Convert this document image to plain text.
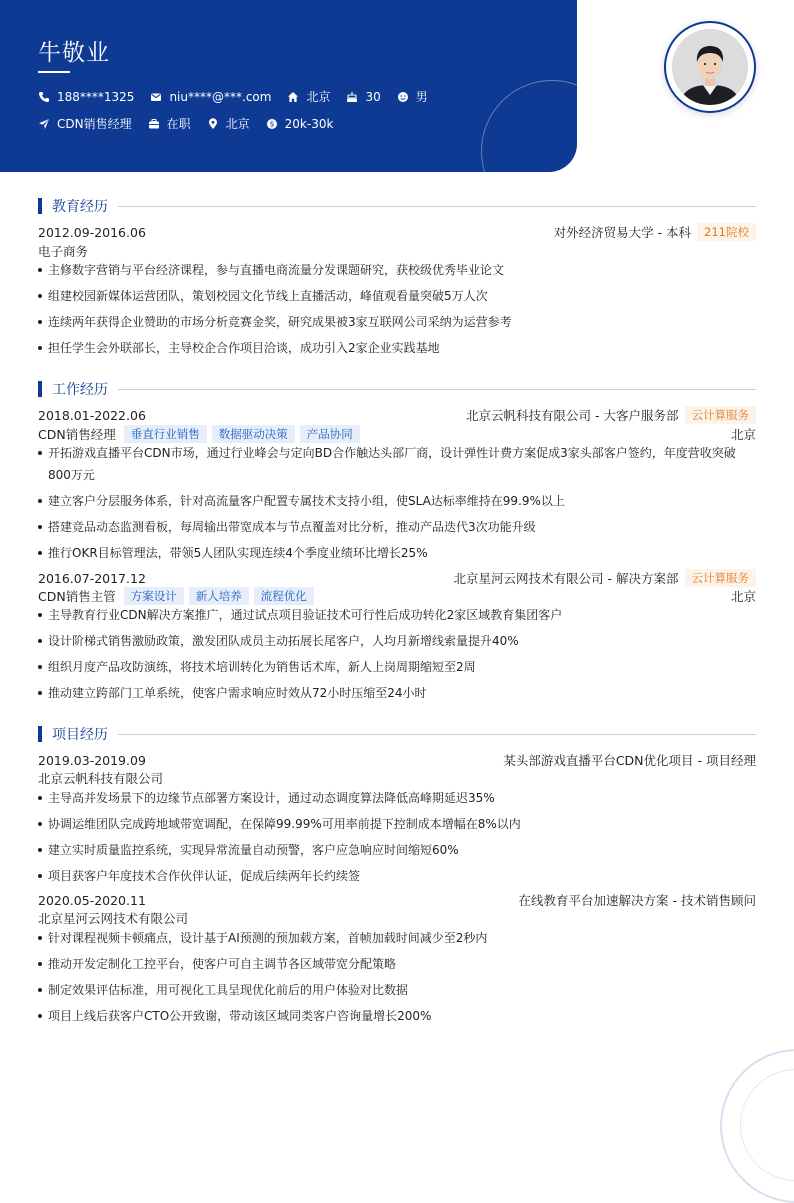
牛敬业
188****1325	niu****@***.com	北京	30	男
CDN销售经理	在职	北京	$ 20k-30k
教育经历
2012.09-2016.06	对外经济贸易大学 - 本科	211院校
电子商务
主修数字营销与平台经济课程，参与直播电商流量分发课题研究，获校级优秀毕业论文
组建校园新媒体运营团队，策划校园文化节线上直播活动，峰值观看量突破5万人次
连续两年获得企业赞助的市场分析竞赛金奖，研究成果被3家互联网公司采纳为运营参考
担任学生会外联部长，主导校企合作项目洽谈，成功引入2家企业实践基地
工作经历
2018.01-2022.06	北京云帆科技有限公司 - 大客户服务部	云计算服务
CDN销售经理	垂直行业销售	数据驱动决策	产品协同	北京
开拓游戏直播平台CDN市场，通过行业峰会与定向BD合作触达头部厂商，设计弹性计费方案促成3家头部客户签约，年度营收突破800万元
建立客户分层服务体系，针对高流量客户配置专属技术支持小组，使SLA达标率维持在99.9%以上
搭建竞品动态监测看板，每周输出带宽成本与节点覆盖对比分析，推动产品迭代3次功能升级
推行OKR目标管理法，带领5人团队实现连续4个季度业绩环比增长25%
2016.07-2017.12	北京星河云网技术有限公司 - 解决方案部	云计算服务
CDN销售主管	方案设计	新人培养	流程优化	北京
主导教育行业CDN解决方案推广，通过试点项目验证技术可行性后成功转化2家区域教育集团客户
设计阶梯式销售激励政策，激发团队成员主动拓展长尾客户，人均月新增线索量提升40%
组织月度产品攻防演练，将技术培训转化为销售话术库，新人上岗周期缩短至2周
推动建立跨部门工单系统，使客户需求响应时效从72小时压缩至24小时
项目经历
2019.03-2019.09	某头部游戏直播平台CDN优化项目 - 项目经理
北京云帆科技有限公司
主导高并发场景下的边缘节点部署方案设计，通过动态调度算法降低高峰期延迟35%
协调运维团队完成跨地域带宽调配，在保障99.99%可用率前提下控制成本增幅在8%以内
建立实时质量监控系统，实现异常流量自动预警，客户应急响应时间缩短60%
项目获客户年度技术合作伙伴认证，促成后续两年长约续签
2020.05-2020.11	在线教育平台加速解决方案 - 技术销售顾问
北京星河云网技术有限公司
针对课程视频卡顿痛点，设计基于AI预测的预加载方案，首帧加载时间减少至2秒内
推动开发定制化工控平台，使客户可自主调节各区域带宽分配策略
制定效果评估标准，用可视化工具呈现优化前后的用户体验对比数据
项目上线后获客户CTO公开致谢，带动该区域同类客户咨询量增长200%
